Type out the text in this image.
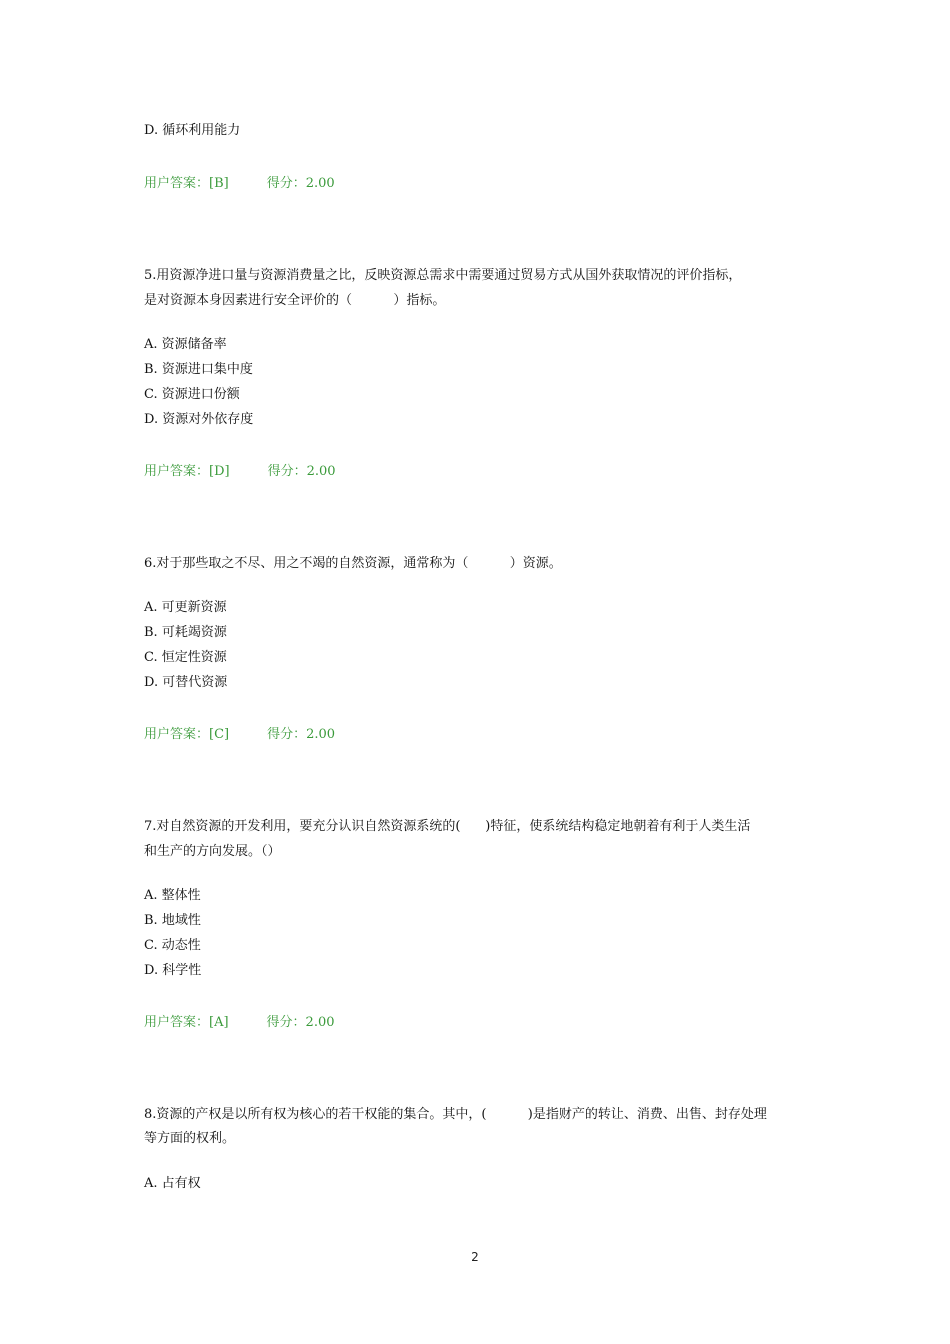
D. 循环利用能力
用户答案：[B]	得分：2.00
5.用资源净进口量与资源消费量之比，反映资源总需求中需要通过贸易方式从国外获取情况的评价指标，
是对资源本身因素进行安全评价的（          ）指标。
A. 资源储备率
B. 资源进口集中度
C. 资源进口份额
D. 资源对外依存度
用户答案：[D]	得分：2.00
6.对于那些取之不尽、用之不竭的自然资源，通常称为（          ）资源。
A. 可更新资源
B. 可耗竭资源
C. 恒定性资源
D. 可替代资源
用户答案：[C]	得分：2.00
7.对自然资源的开发利用，要充分认识自然资源系统的(      )特征，使系统结构稳定地朝着有利于人类生活
和生产的方向发展。（）
A. 整体性
B. 地域性
C. 动态性
D. 科学性
用户答案：[A]	得分：2.00
8.资源的产权是以所有权为核心的若干权能的集合。其中，(          )是指财产的转让、消费、出售、封存处理
等方面的权利。
A. 占有权
2
